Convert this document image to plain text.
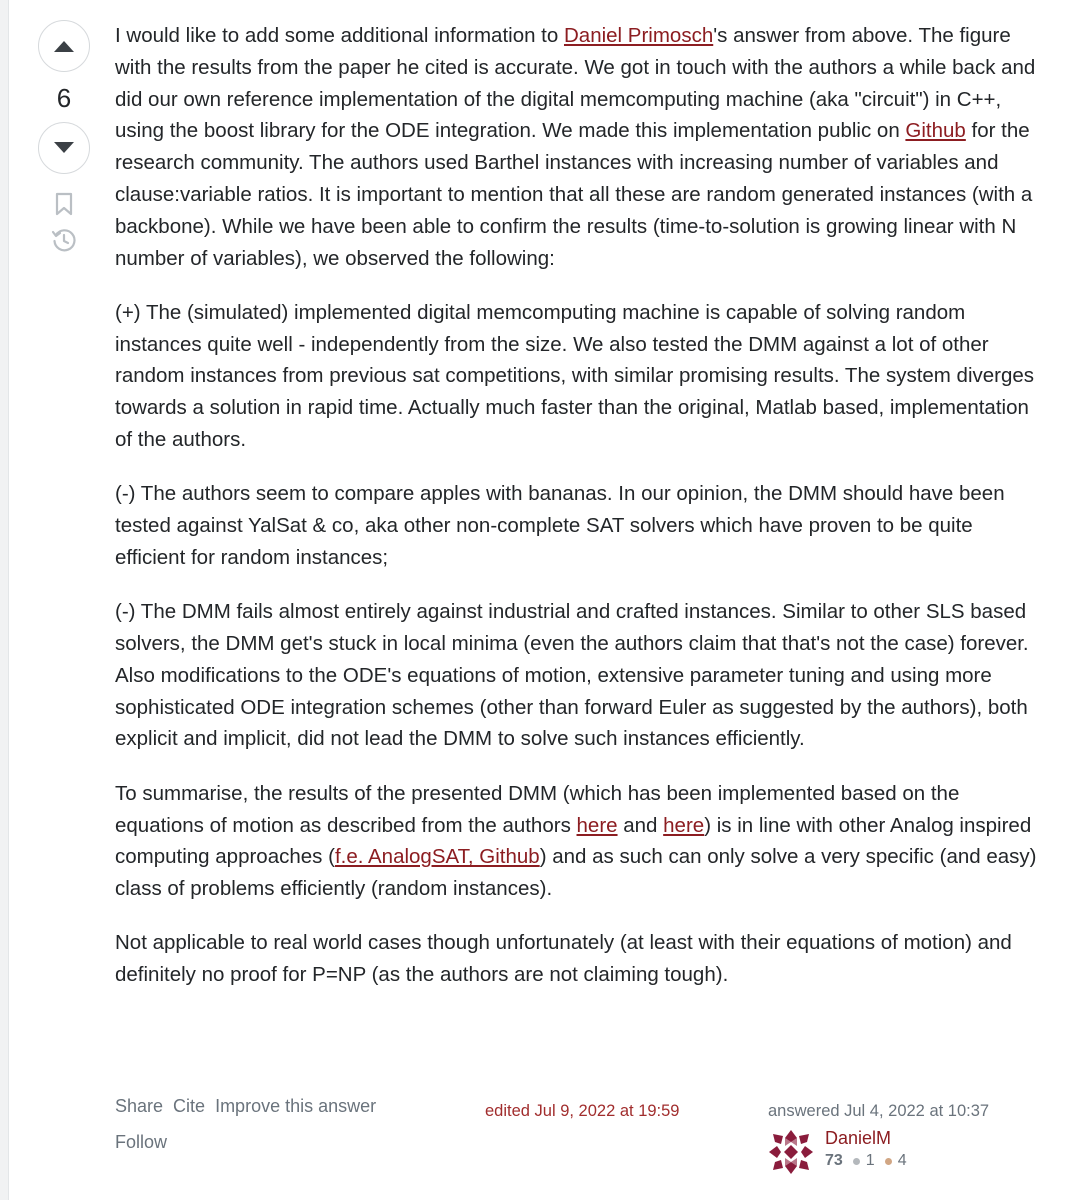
6

I would like to add some additional information to Daniel Primosch's answer from above. The figure with the results from the paper he cited is accurate. We got in touch with the authors a while back and did our own reference implementation of the digital memcomputing machine (aka "circuit") in C++, using the boost library for the ODE integration. We made this implementation public on Github for the research community. The authors used Barthel instances with increasing number of variables and clause:variable ratios. It is important to mention that all these are random generated instances (with a backbone). While we have been able to confirm the results (time-to-solution is growing linear with N number of variables), we observed the following:

(+) The (simulated) implemented digital memcomputing machine is capable of solving random instances quite well - independently from the size. We also tested the DMM against a lot of other random instances from previous sat competitions, with similar promising results. The system diverges towards a solution in rapid time. Actually much faster than the original, Matlab based, implementation of the authors.

(-) The authors seem to compare apples with bananas. In our opinion, the DMM should have been tested against YalSat & co, aka other non-complete SAT solvers which have proven to be quite efficient for random instances;

(-) The DMM fails almost entirely against industrial and crafted instances. Similar to other SLS based solvers, the DMM get's stuck in local minima (even the authors claim that that's not the case) forever. Also modifications to the ODE's equations of motion, extensive parameter tuning and using more sophisticated ODE integration schemes (other than forward Euler as suggested by the authors), both explicit and implicit, did not lead the DMM to solve such instances efficiently.

To summarise, the results of the presented DMM (which has been implemented based on the equations of motion as described from the authors here and here) is in line with other Analog inspired computing approaches (f.e. AnalogSAT, Github) and as such can only solve a very specific (and easy) class of problems efficiently (random instances).

Not applicable to real world cases though unfortunately (at least with their equations of motion) and definitely no proof for P=NP (as the authors are not claiming tough).

Share Cite Improve this answer
Follow
edited Jul 9, 2022 at 19:59	answered Jul 4, 2022 at 10:37
DanielM
73 1 4
